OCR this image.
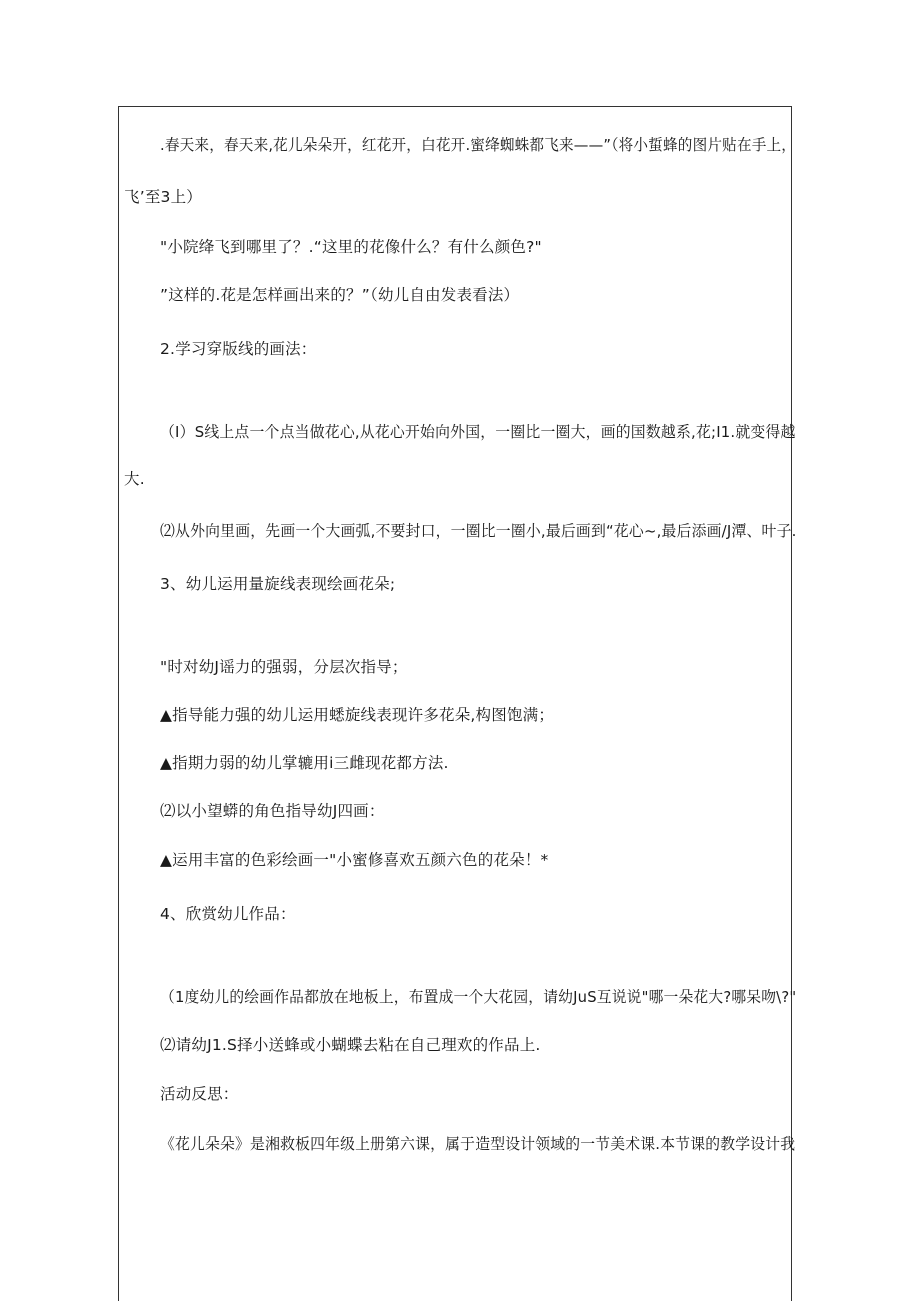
.春天来，春天来,花儿朵朵开，红花开，白花开.蜜绛蜘蛛都飞来——”（将小蜇蜂的图片贴在手上，
飞’至3上）
"小院绛飞到哪里了？.“这里的花像什么？有什么颜色?"
”这样的.花是怎样画出来的？”（幼儿自由发表看法）
2.学习穿版线的画法：
（I）S线上点一个点当做花心,从花心开始向外国，一圈比一圈大，画的国数越系,花;I1.就变得越
大.
⑵从外向里画，先画一个大画弧,不要封口，一圈比一圈小,最后画到“花心~,最后添画/J潭、叶子.
3、幼儿运用量旋线表现绘画花朵;
"时对幼J谣力的强弱，分层次指导；
▲指导能力强的幼儿运用蟋旋线表现许多花朵,构图饱满；
▲指期力弱的幼儿掌辘用i三雌现花都方法.
⑵以小望蟒的角色指导幼J四画：
▲运用丰富的色彩绘画一"小蜜修喜欢五颜六色的花朵！*
4、欣赏幼儿作品：
（1度幼儿的绘画作品都放在地板上，布置成一个大花园，请幼JuS互说说"哪一朵花大?哪呆吻\?"
⑵请幼J1.S择小送蜂或小蝴蝶去粘在自己理欢的作品上.
活动反思：
《花儿朵朵》是湘救板四年级上册第六课，属于造型设计领域的一节美术课.本节课的教学设计我
